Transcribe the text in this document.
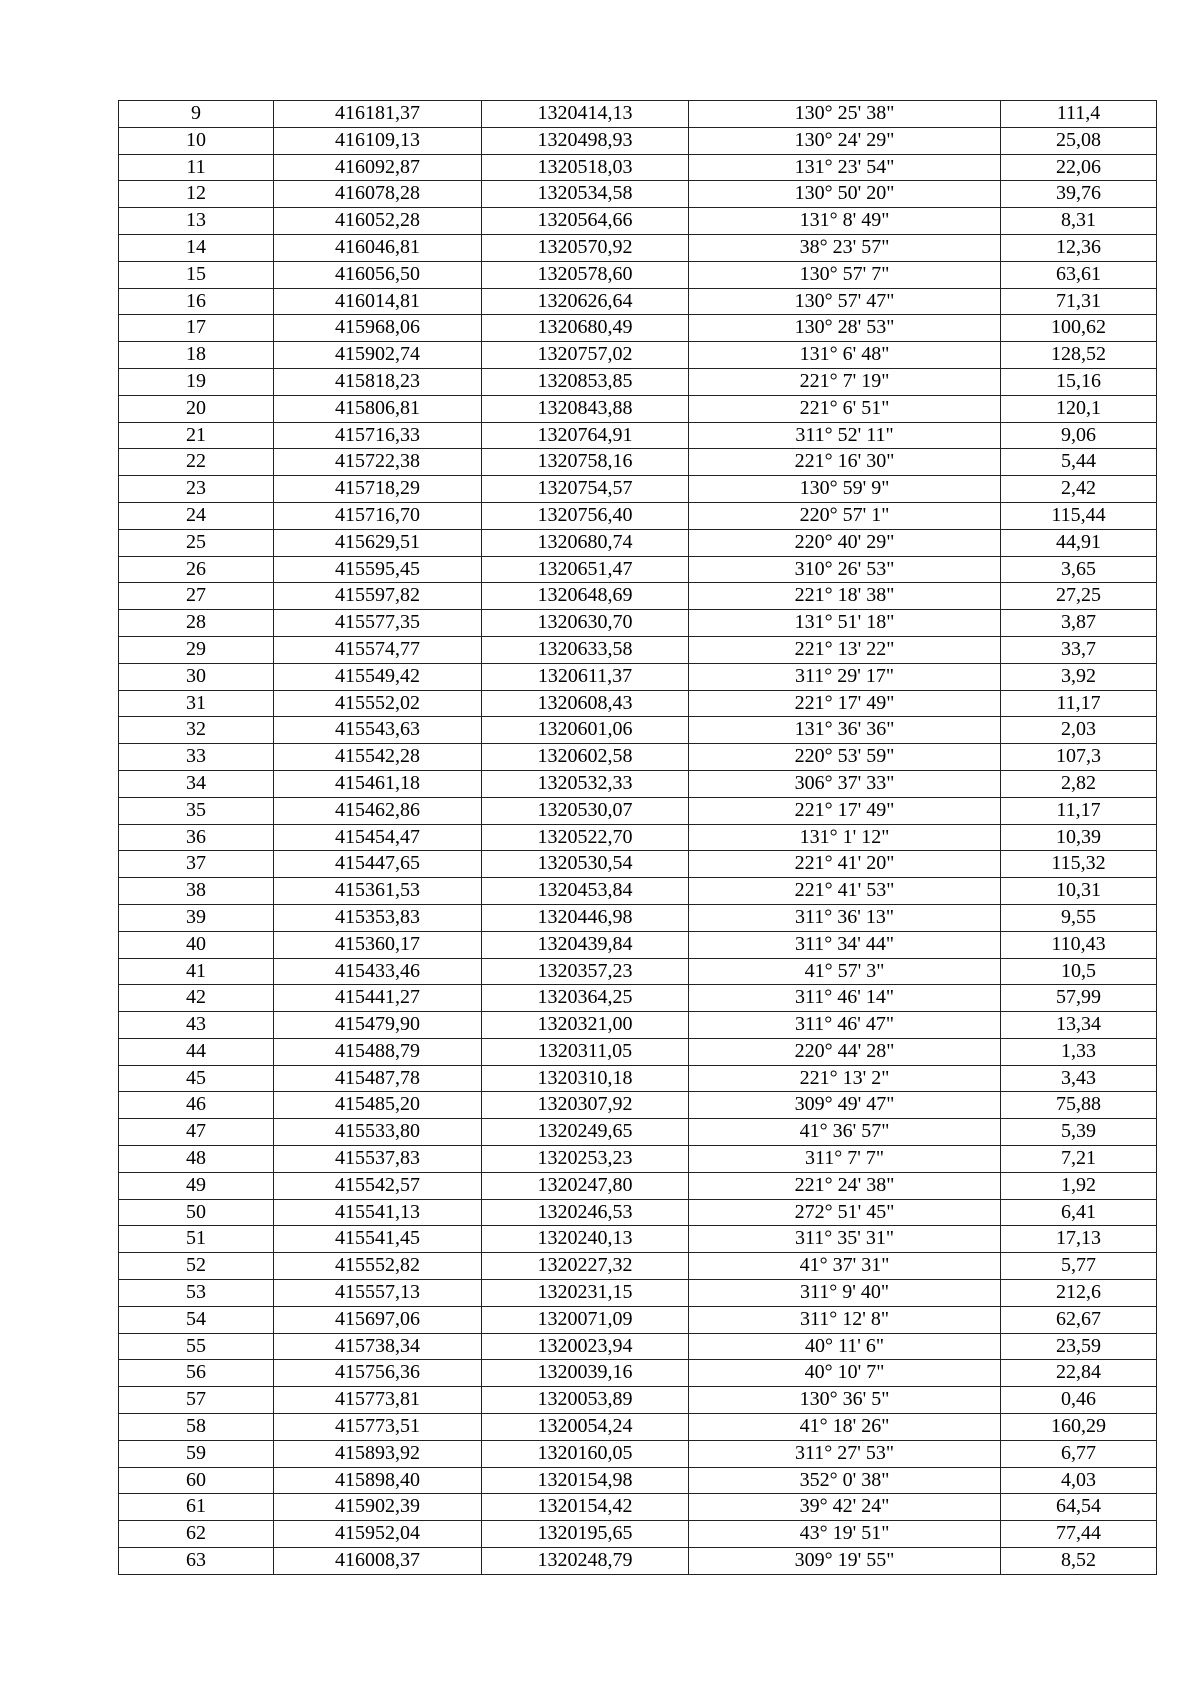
9	416181,37	1320414,13	130° 25' 38"	111,4
10	416109,13	1320498,93	130° 24' 29"	25,08
11	416092,87	1320518,03	131° 23' 54"	22,06
12	416078,28	1320534,58	130° 50' 20"	39,76
13	416052,28	1320564,66	131° 8' 49"	8,31
14	416046,81	1320570,92	38° 23' 57"	12,36
15	416056,50	1320578,60	130° 57' 7"	63,61
16	416014,81	1320626,64	130° 57' 47"	71,31
17	415968,06	1320680,49	130° 28' 53"	100,62
18	415902,74	1320757,02	131° 6' 48"	128,52
19	415818,23	1320853,85	221° 7' 19"	15,16
20	415806,81	1320843,88	221° 6' 51"	120,1
21	415716,33	1320764,91	311° 52' 11"	9,06
22	415722,38	1320758,16	221° 16' 30"	5,44
23	415718,29	1320754,57	130° 59' 9"	2,42
24	415716,70	1320756,40	220° 57' 1"	115,44
25	415629,51	1320680,74	220° 40' 29"	44,91
26	415595,45	1320651,47	310° 26' 53"	3,65
27	415597,82	1320648,69	221° 18' 38"	27,25
28	415577,35	1320630,70	131° 51' 18"	3,87
29	415574,77	1320633,58	221° 13' 22"	33,7
30	415549,42	1320611,37	311° 29' 17"	3,92
31	415552,02	1320608,43	221° 17' 49"	11,17
32	415543,63	1320601,06	131° 36' 36"	2,03
33	415542,28	1320602,58	220° 53' 59"	107,3
34	415461,18	1320532,33	306° 37' 33"	2,82
35	415462,86	1320530,07	221° 17' 49"	11,17
36	415454,47	1320522,70	131° 1' 12"	10,39
37	415447,65	1320530,54	221° 41' 20"	115,32
38	415361,53	1320453,84	221° 41' 53"	10,31
39	415353,83	1320446,98	311° 36' 13"	9,55
40	415360,17	1320439,84	311° 34' 44"	110,43
41	415433,46	1320357,23	41° 57' 3"	10,5
42	415441,27	1320364,25	311° 46' 14"	57,99
43	415479,90	1320321,00	311° 46' 47"	13,34
44	415488,79	1320311,05	220° 44' 28"	1,33
45	415487,78	1320310,18	221° 13' 2"	3,43
46	415485,20	1320307,92	309° 49' 47"	75,88
47	415533,80	1320249,65	41° 36' 57"	5,39
48	415537,83	1320253,23	311° 7' 7"	7,21
49	415542,57	1320247,80	221° 24' 38"	1,92
50	415541,13	1320246,53	272° 51' 45"	6,41
51	415541,45	1320240,13	311° 35' 31"	17,13
52	415552,82	1320227,32	41° 37' 31"	5,77
53	415557,13	1320231,15	311° 9' 40"	212,6
54	415697,06	1320071,09	311° 12' 8"	62,67
55	415738,34	1320023,94	40° 11' 6"	23,59
56	415756,36	1320039,16	40° 10' 7"	22,84
57	415773,81	1320053,89	130° 36' 5"	0,46
58	415773,51	1320054,24	41° 18' 26"	160,29
59	415893,92	1320160,05	311° 27' 53"	6,77
60	415898,40	1320154,98	352° 0' 38"	4,03
61	415902,39	1320154,42	39° 42' 24"	64,54
62	415952,04	1320195,65	43° 19' 51"	77,44
63	416008,37	1320248,79	309° 19' 55"	8,52
